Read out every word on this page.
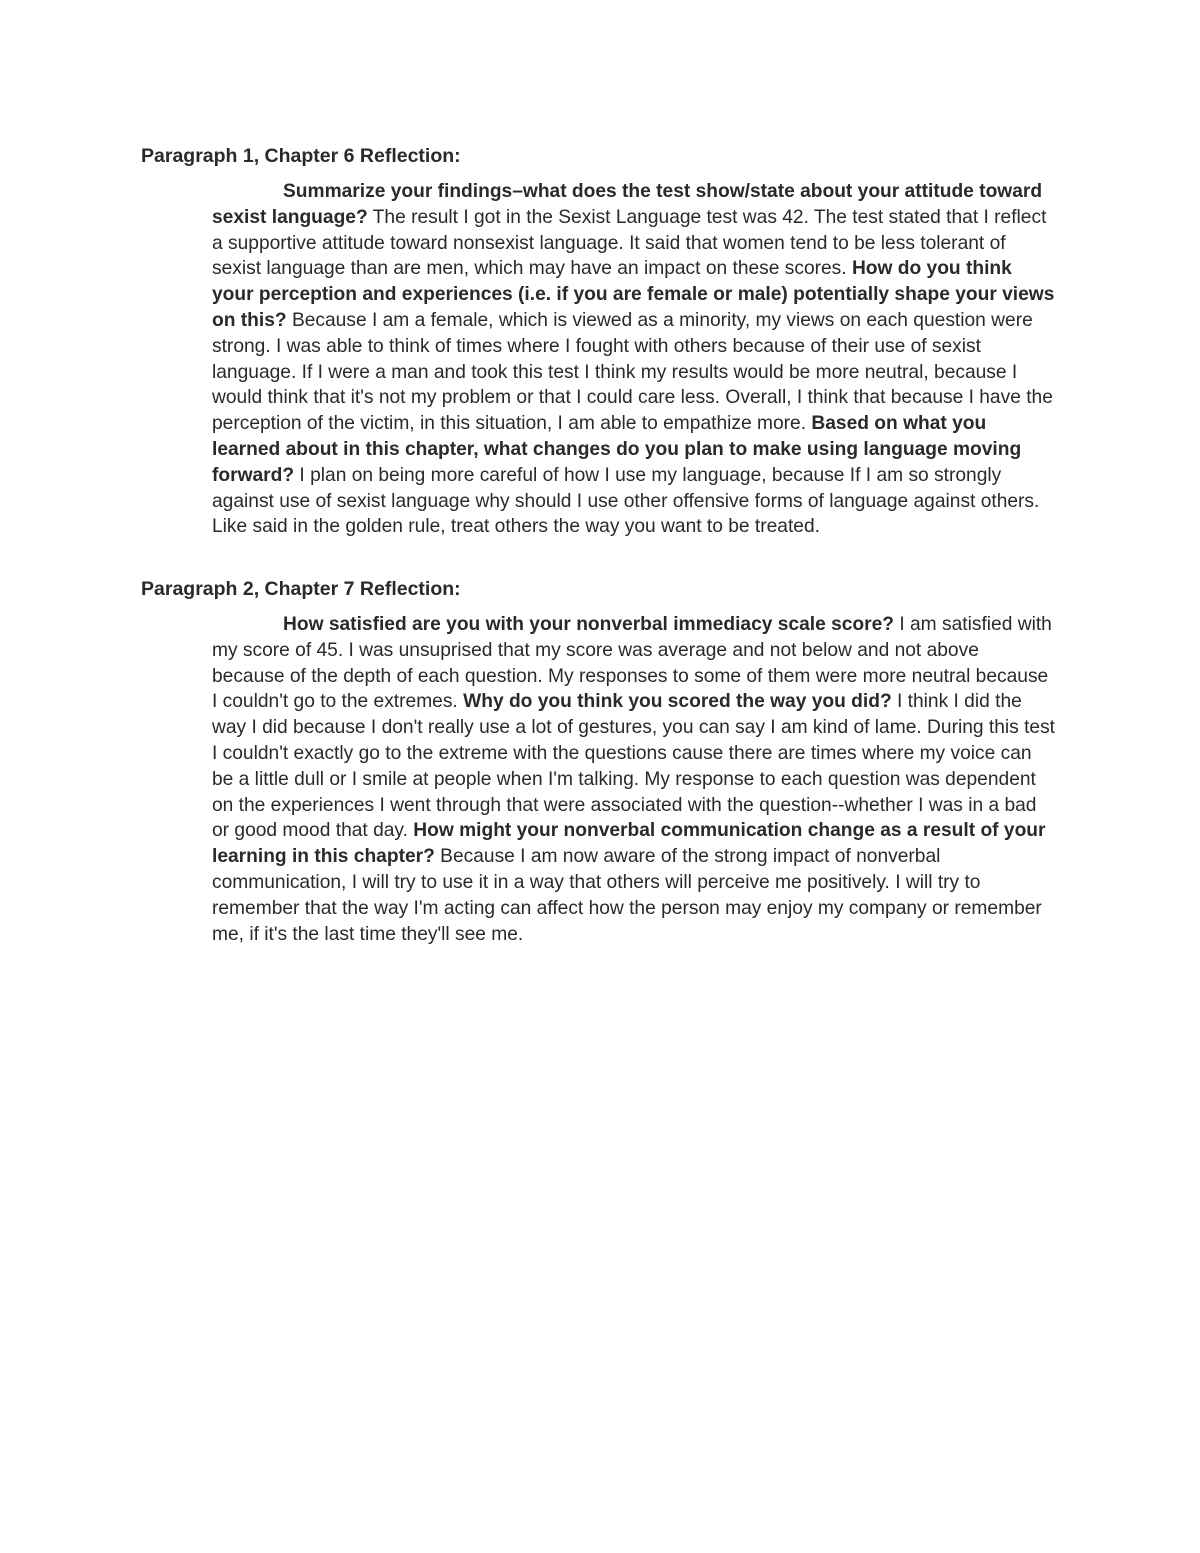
Paragraph 1, Chapter 6 Reflection:

Summarize your findings–what does the test show/state about your attitude toward sexist language? The result I got in the Sexist Language test was 42. The test stated that I reflect a supportive attitude toward nonsexist language. It said that women tend to be less tolerant of sexist language than are men, which may have an impact on these scores. How do you think your perception and experiences (i.e. if you are female or male) potentially shape your views on this? Because I am a female, which is viewed as a minority, my views on each question were strong. I was able to think of times where I fought with others because of their use of sexist language. If I were a man and took this test I think my results would be more neutral, because I would think that it's not my problem or that I could care less. Overall, I think that because I have the perception of the victim, in this situation, I am able to empathize more. Based on what you learned about in this chapter, what changes do you plan to make using language moving forward? I plan on being more careful of how I use my language, because If I am so strongly against use of sexist language why should I use other offensive forms of language against others. Like said in the golden rule, treat others the way you want to be treated.

Paragraph 2, Chapter 7 Reflection:

How satisfied are you with your nonverbal immediacy scale score? I am satisfied with my score of 45. I was unsuprised that my score was average and not below and not above because of the depth of each question. My responses to some of them were more neutral because I couldn't go to the extremes. Why do you think you scored the way you did? I think I did the way I did because I don't really use a lot of gestures, you can say I am kind of lame. During this test I couldn't exactly go to the extreme with the questions cause there are times where my voice can be a little dull or I smile at people when I'm talking. My response to each question was dependent on the experiences I went through that were associated with the question--whether I was in a bad or good mood that day. How might your nonverbal communication change as a result of your learning in this chapter? Because I am now aware of the strong impact of nonverbal communication, I will try to use it in a way that others will perceive me positively. I will try to remember that the way I'm acting can affect how the person may enjoy my company or remember me, if it's the last time they'll see me.
